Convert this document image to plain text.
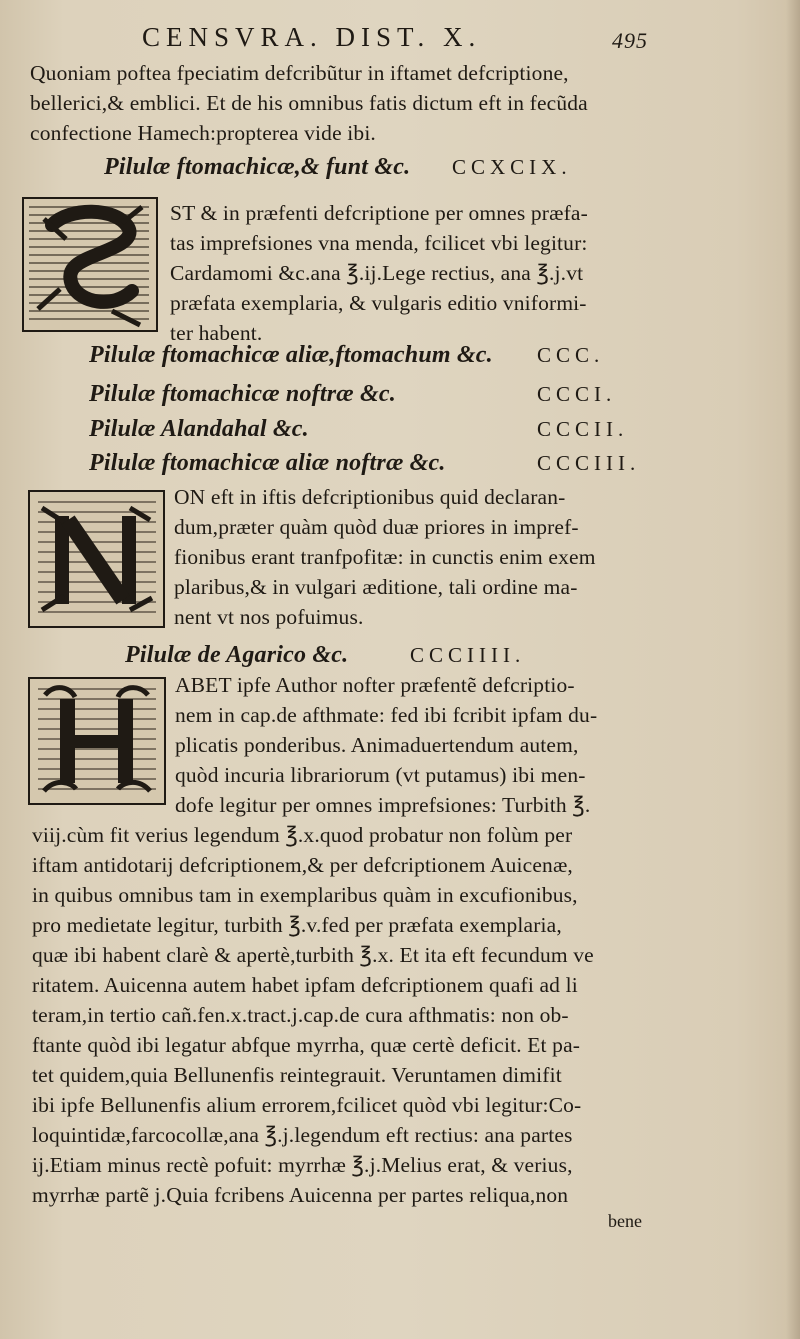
CENSVRA. DIST. X.	495
Quoniam poftea fpeciatim defcribũtur in iftamet defcriptione,
bellerici,& emblici. Et de his omnibus fatis dictum eft in fecũda
confectione Hamech:propterea vide ibi.
Pilulæ ftomachicæ,& funt &c. CCXCIX.
ST & in præfenti defcriptione per omnes præfa-
tas imprefsiones vna menda, fcilicet vbi legitur:
Cardamomi &c.ana ℥.ij.Lege rectius, ana ℥.j.vt
præfata exemplaria, & vulgaris editio vniformi-
ter habent.
Pilulæ ftomachicæ aliæ,ftomachum &c. CCC.
Pilulæ ftomachicæ noftræ &c.	CCCI.
Pilulæ Alandahal &c.	CCCII.
Pilulæ ftomachicæ aliæ noftræ &c.	CCCIII.
ON eft in iftis defcriptionibus quid declaran-
dum,præter quàm quòd duæ priores in impref-
fionibus erant tranfpofitæ: in cunctis enim exem
plaribus,& in vulgari æditione, tali ordine ma-
nent vt nos pofuimus.
Pilulæ de Agarico &c.	CCCIIII.
ABET ipfe Author nofter præfentẽ defcriptio-
nem in cap.de afthmate: fed ibi fcribit ipfam du-
plicatis ponderibus. Animaduertendum autem,
quòd incuria librariorum (vt putamus) ibi men-
dofe legitur per omnes imprefsiones: Turbith ℥.
viij.cùm fit verius legendum ℥.x.quod probatur non folùm per
iftam antidotarij defcriptionem,& per defcriptionem Auicenæ,
in quibus omnibus tam in exemplaribus quàm in excufionibus,
pro medietate legitur, turbith ℥.v.fed per præfata exemplaria,
quæ ibi habent clarè & apertè,turbith ℥.x. Et ita eft fecundum ve
ritatem. Auicenna autem habet ipfam defcriptionem quafi ad li
teram,in tertio cañ.fen.x.tract.j.cap.de cura afthmatis: non ob-
ftante quòd ibi legatur abfque myrrha, quæ certè deficit. Et pa-
tet quidem,quia Bellunenfis reintegrauit. Veruntamen dimifit
ibi ipfe Bellunenfis alium errorem,fcilicet quòd vbi legitur:Co-
loquintidæ,farcocollæ,ana ℥.j.legendum eft rectius: ana partes
ij.Etiam minus rectè pofuit: myrrhæ ℥.j.Melius erat, & verius,
myrrhæ partẽ j.Quia fcribens Auicenna per partes reliqua,non
bene
